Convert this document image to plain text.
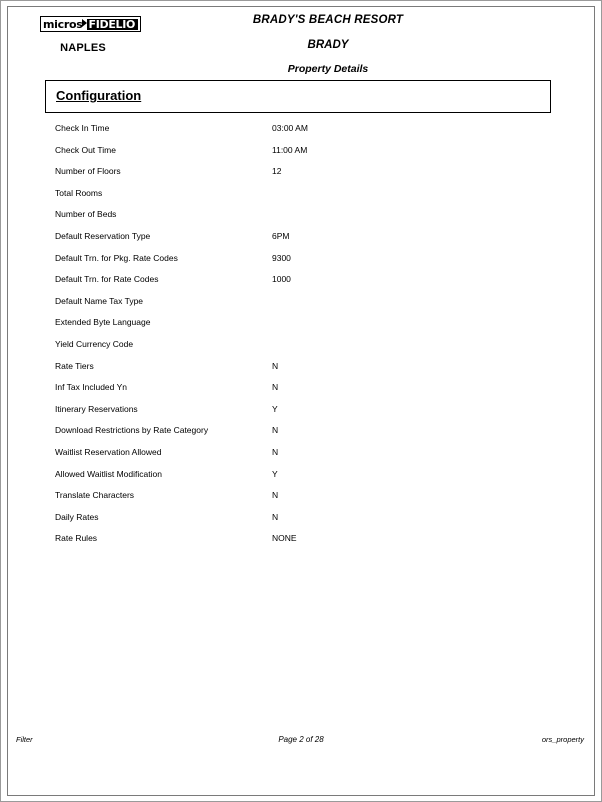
micros FIDELIO
NAPLES
BRADY'S BEACH RESORT
BRADY
Property Details
Configuration
Check In Time	03:00 AM
Check Out Time	11:00 AM
Number of Floors	12
Total Rooms
Number of Beds
Default Reservation Type	6PM
Default Trn. for Pkg. Rate Codes	9300
Default Trn. for Rate Codes	1000
Default Name Tax Type
Extended Byte Language
Yield Currency Code
Rate Tiers	N
Inf Tax Included Yn	N
Itinerary Reservations	Y
Download Restrictions by Rate Category	N
Waitlist Reservation Allowed	N
Allowed Waitlist Modification	Y
Translate Characters	N
Daily Rates	N
Rate Rules	NONE
Filter	Page 2 of 28	ors_property
